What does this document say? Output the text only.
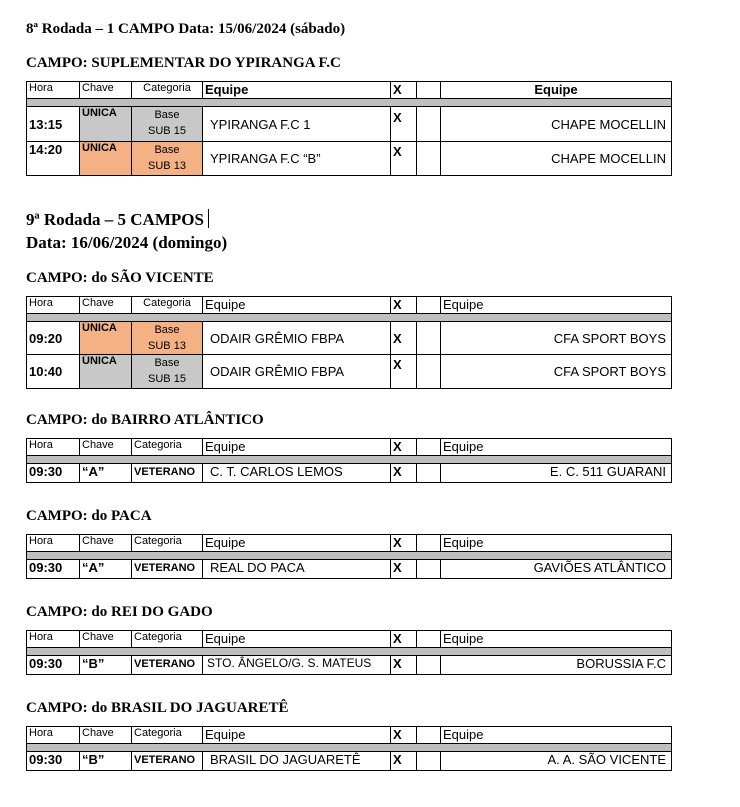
8ª Rodada – 1 CAMPO Data: 15/06/2024 (sábado)

CAMPO: SUPLEMENTAR DO YPIRANGA F.C

Hora	Chave	Categoria	Equipe	X		Equipe

13:15	ÚNICA	Base
SUB 15	YPIRANGA F.C 1	X		CHAPE MOCELLIN
14:20	ÚNICA	Base
SUB 13	YPIRANGA F.C “B”	X		CHAPE MOCELLIN

9ª Rodada – 5 CAMPOS

Data: 16/06/2024 (domingo)

CAMPO: do SÃO VICENTE

Hora	Chave	Categoria	Equipe	X		Equipe

09:20	ÚNICA	Base
SUB 13	ODAIR GRÊMIO FBPA	X		CFA SPORT BOYS
10:40	ÚNICA	Base
SUB 15	ODAIR GRÊMIO FBPA	X		CFA SPORT BOYS

CAMPO: do BAIRRO ATLÂNTICO

Hora	Chave	Categoria	Equipe	X		Equipe

09:30	“A”	VETERANO	C. T. CARLOS LEMOS	X		E. C. 511 GUARANI

CAMPO: do PACA

Hora	Chave	Categoria	Equipe	X		Equipe

09:30	“A”	VETERANO	REAL DO PACA	X		GAVIÕES ATLÂNTICO

CAMPO: do REI DO GADO

Hora	Chave	Categoria	Equipe	X		Equipe

09:30	“B”	VETERANO	STO. ÂNGELO/G. S. MATEUS	X		BORUSSIA F.C

CAMPO: do BRASIL DO JAGUARETÊ

Hora	Chave	Categoria	Equipe	X		Equipe

09:30	“B”	VETERANO	BRASIL DO JAGUARETÊ	X		A. A. SÃO VICENTE
